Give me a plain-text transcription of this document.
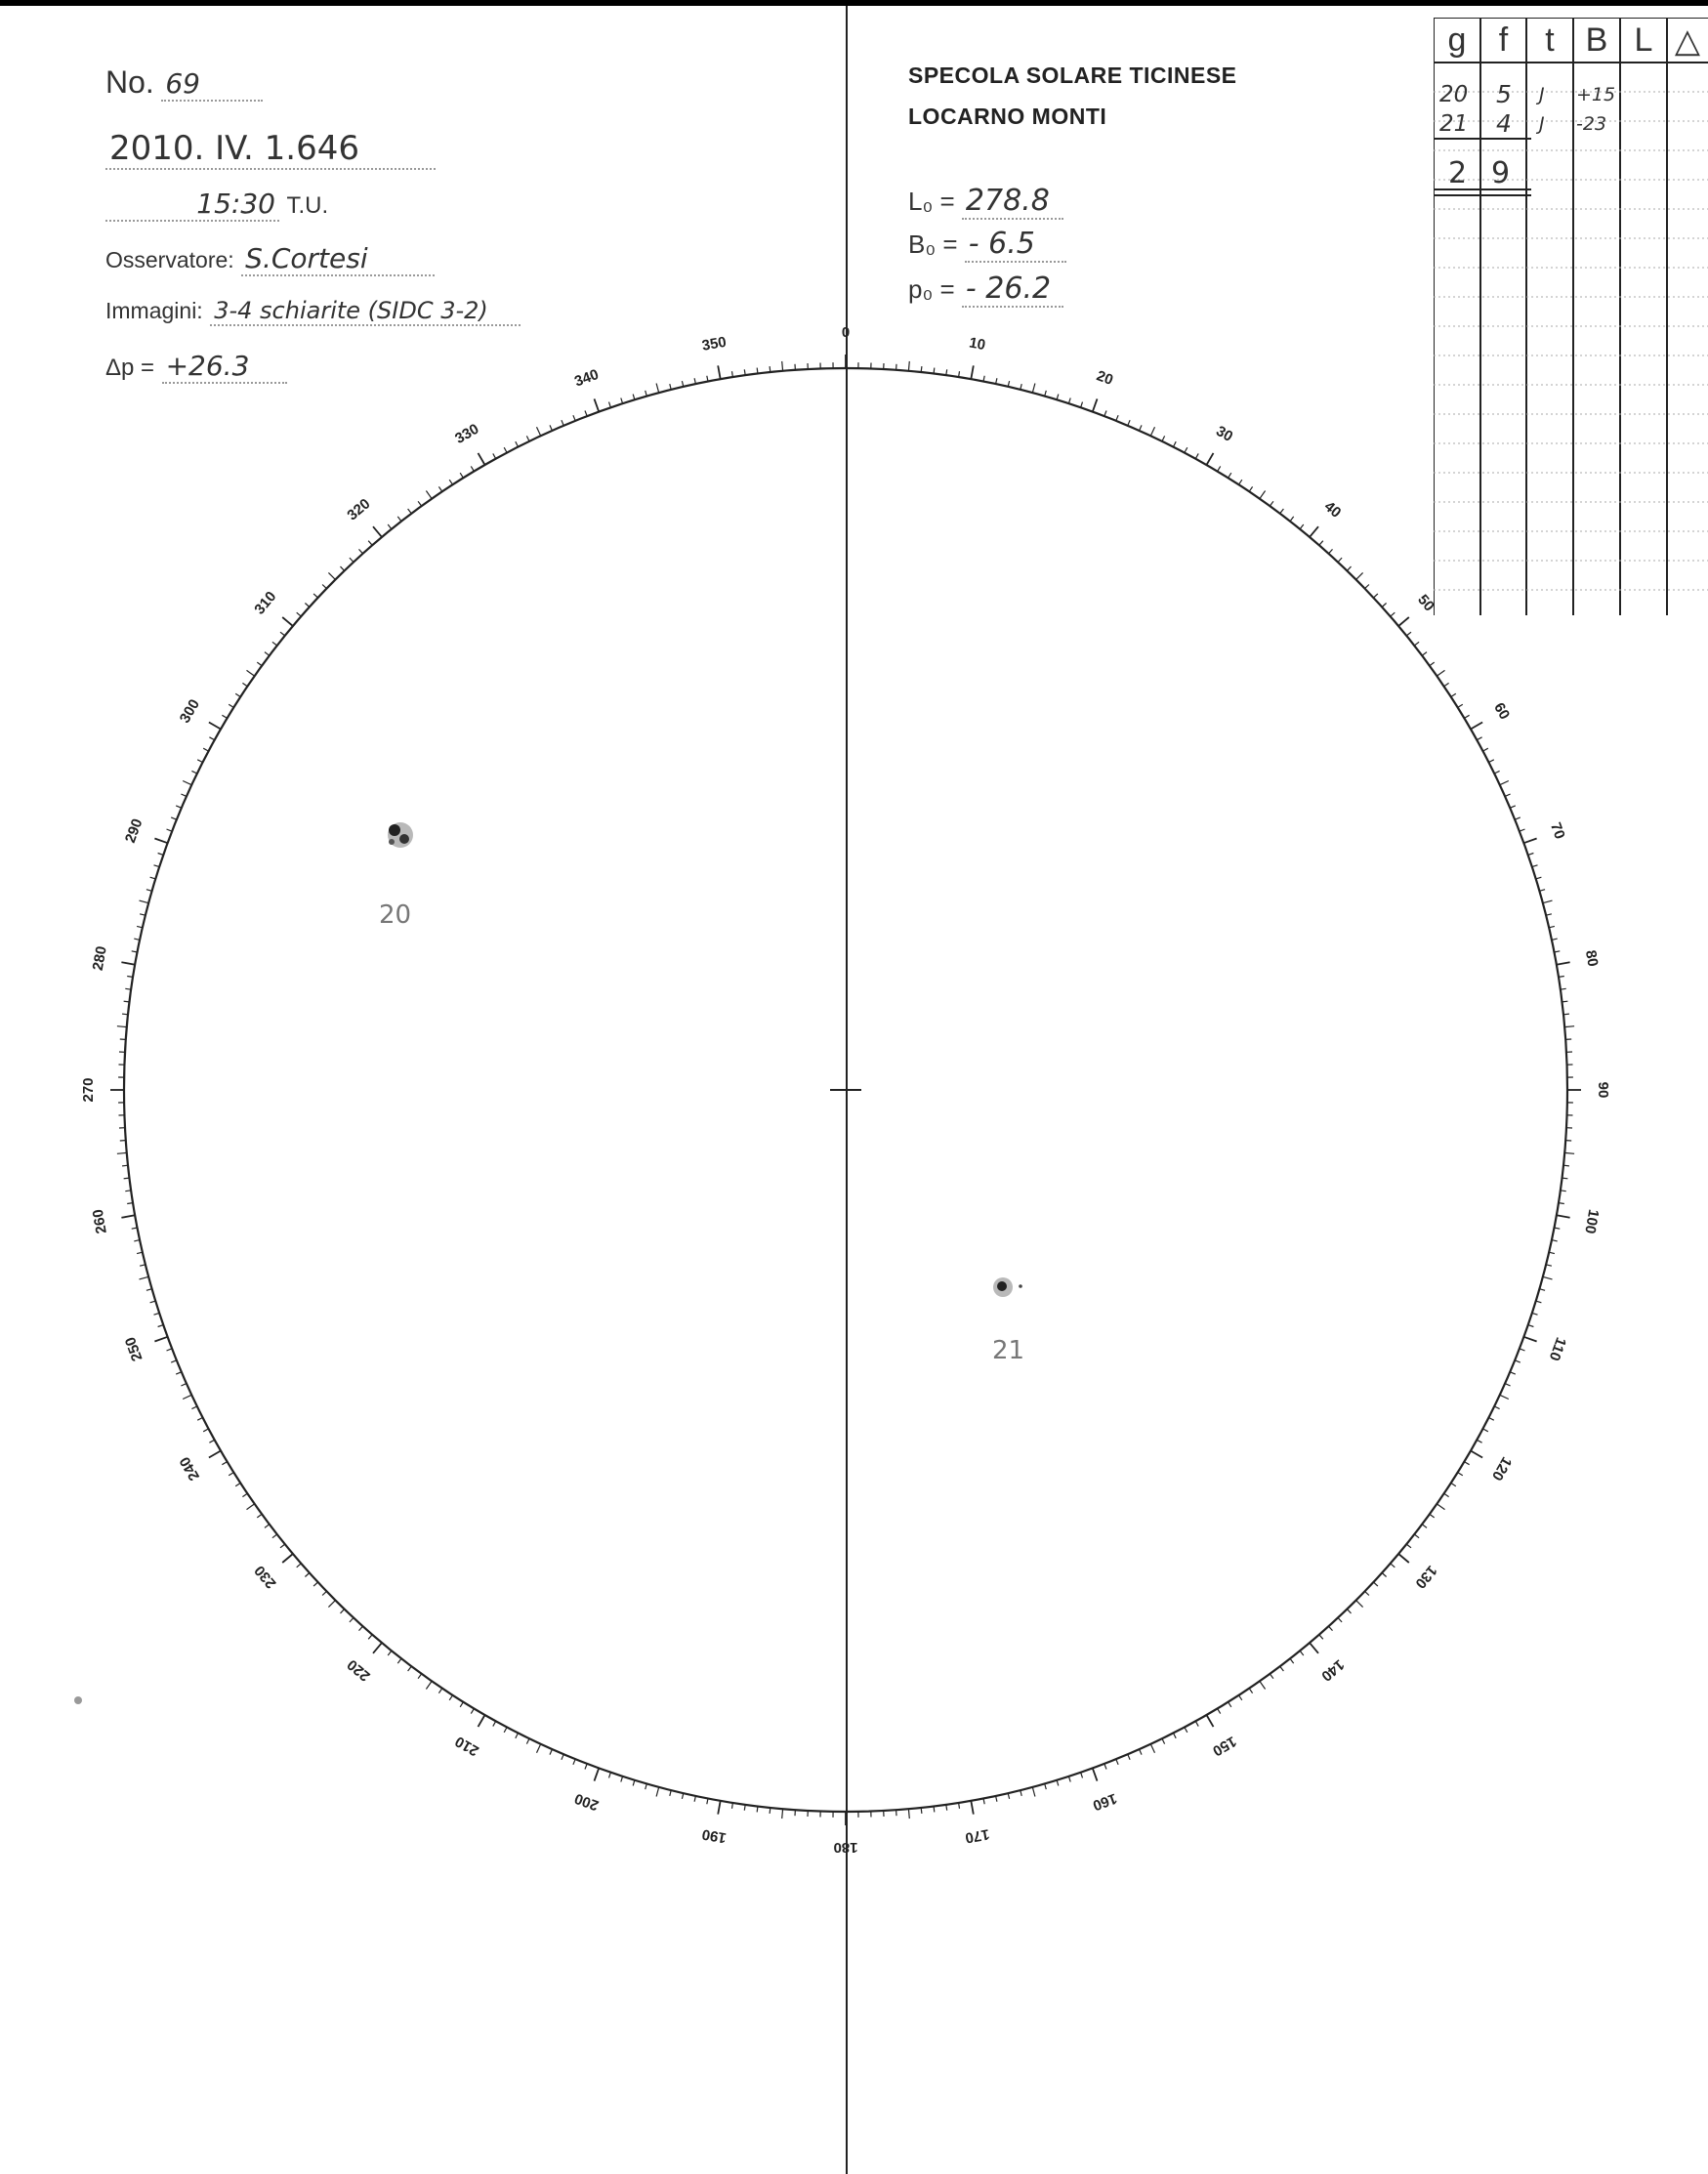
No. 69
2010. IV. 1.646
15:30 T.U.
Osservatore: S.Cortesi
Immagini: 3-4 schiarite (SIDC 3-2)
Δp = +26.3
SPECOLA SOLARE TICINESE
LOCARNO MONTI
L₀ = 278.8
B₀ = - 6.5
p₀ = - 26.2
0
10
20
30
40
50
60
70
80
90
100
110
120
130
140
150
160
170
180
190
200
210
220
230
240
250
260
270
280
290
300
310
320
330
340
350
20
21
g f	t B L △
20 5 J +15
21 4 J -23
2 9
